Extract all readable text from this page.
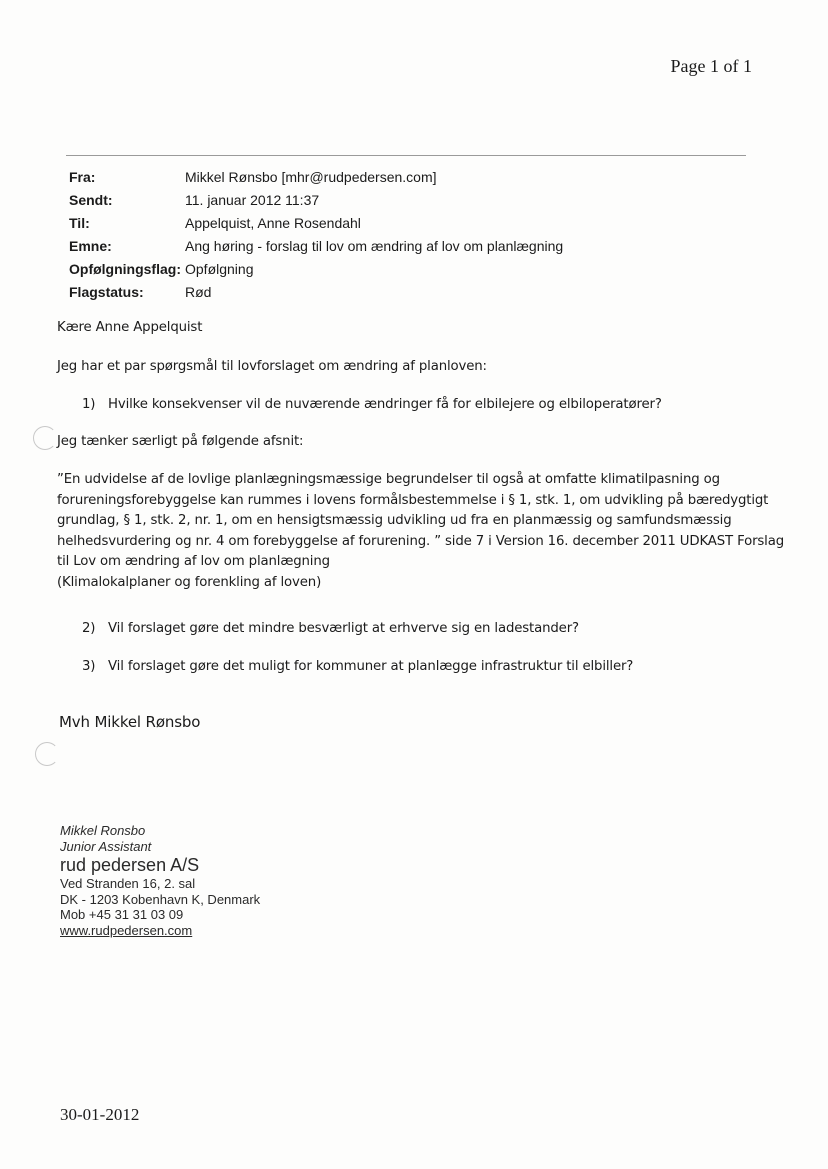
Page 1 of 1
Fra:	Mikkel Rønsbo [mhr@rudpedersen.com]
Sendt:	11. januar 2012 11:37
Til:	Appelquist, Anne Rosendahl
Emne:	Ang høring - forslag til lov om ændring af lov om planlægning
Opfølgningsflag: Opfølgning
Flagstatus:	Rød
Kære Anne Appelquist
Jeg har et par spørgsmål til lovforslaget om ændring af planloven:
1) Hvilke konsekvenser vil de nuværende ændringer få for elbilejere og elbiloperatører?
Jeg tænker særligt på følgende afsnit:
”En udvidelse af de lovlige planlægningsmæssige begrundelser til også at omfatte klimatilpasning og
forureningsforebyggelse kan rummes i lovens formålsbestemmelse i § 1, stk. 1, om udvikling på bæredygtigt
grundlag, § 1, stk. 2, nr. 1, om en hensigtsmæssig udvikling ud fra en planmæssig og samfundsmæssig
helhedsvurdering og nr. 4 om forebyggelse af forurening. ” side 7 i Version 16. december 2011 UDKAST Forslag
til Lov om ændring af lov om planlægning
(Klimalokalplaner og forenkling af loven)
2) Vil forslaget gøre det mindre besværligt at erhverve sig en ladestander?
3) Vil forslaget gøre det muligt for kommuner at planlægge infrastruktur til elbiller?
Mvh Mikkel Rønsbo
Mikkel Ronsbo
Junior Assistant
rud pedersen A/S
Ved Stranden 16, 2. sal
DK - 1203 Kobenhavn K, Denmark
Mob +45 31 31 03 09
www.rudpedersen.com
30-01-2012
